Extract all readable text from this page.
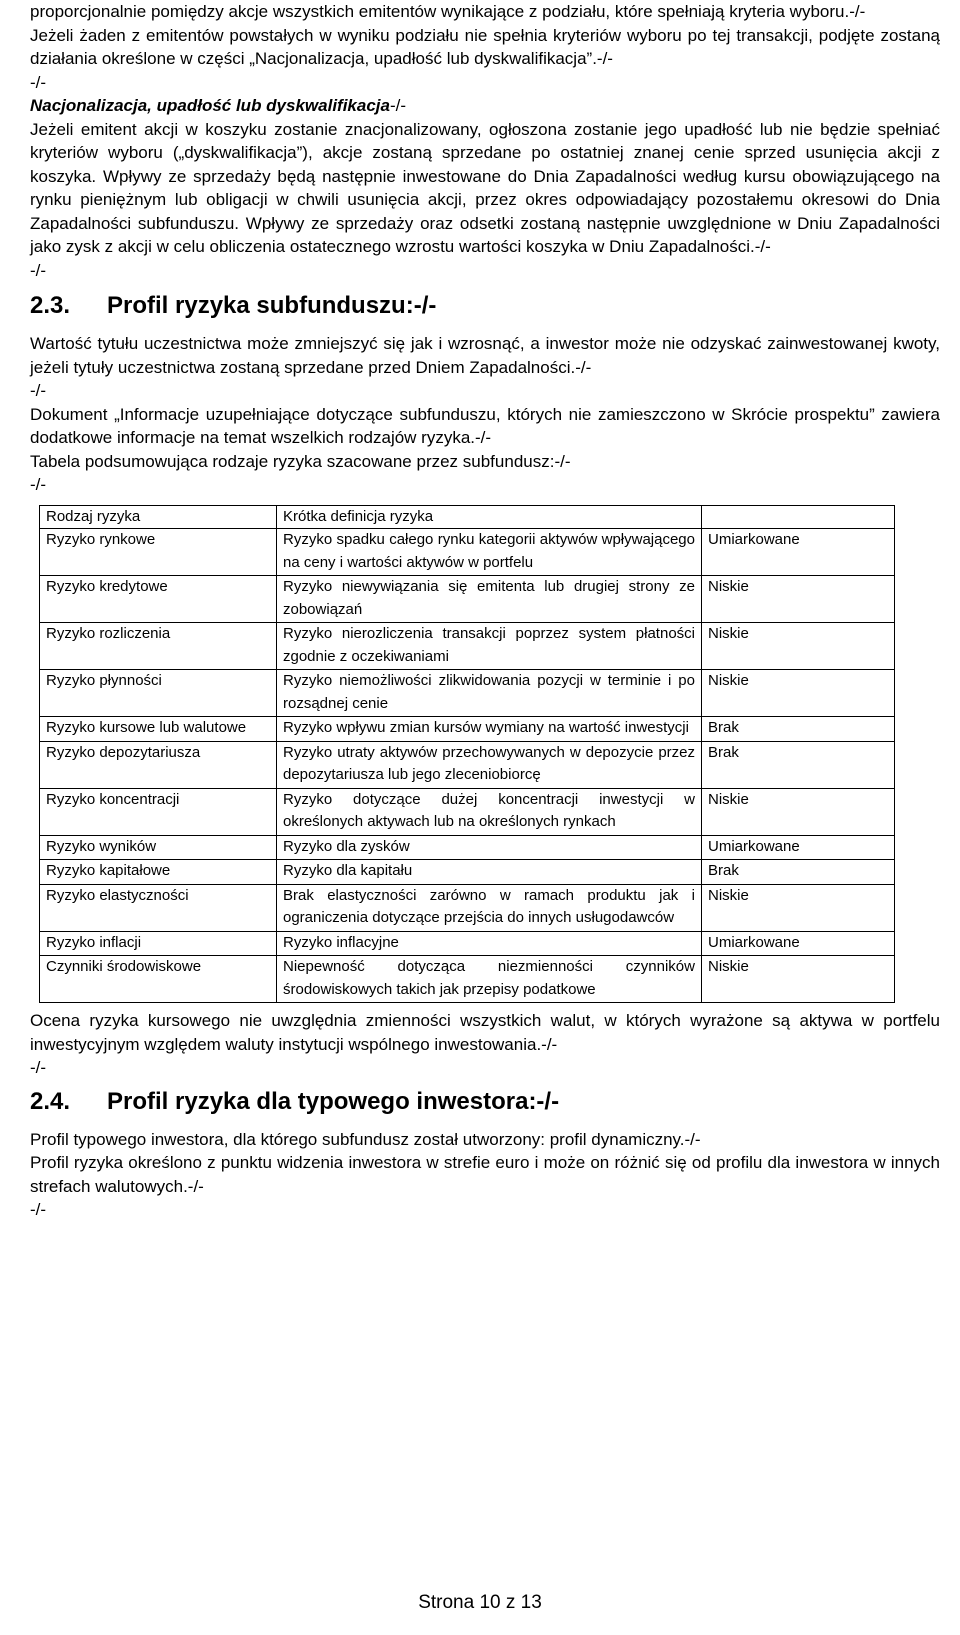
proporcjonalnie pomiędzy akcje wszystkich emitentów wynikające z podziału, które spełniają kryteria wyboru.-/-

Jeżeli żaden z emitentów powstałych w wyniku podziału nie spełnia kryteriów wyboru po tej transakcji, podjęte zostaną działania określone w części „Nacjonalizacja, upadłość lub dyskwalifikacja”.-/-

-/-

Nacjonalizacja, upadłość lub dyskwalifikacja-/-

Jeżeli emitent akcji w koszyku zostanie znacjonalizowany, ogłoszona zostanie jego upadłość lub nie będzie spełniać kryteriów wyboru („dyskwalifikacja”), akcje zostaną sprzedane po ostatniej znanej cenie sprzed usunięcia akcji z koszyka. Wpływy ze sprzedaży będą następnie inwestowane do Dnia Zapadalności według kursu obowiązującego na rynku pieniężnym lub obligacji w chwili usunięcia akcji, przez okres odpowiadający pozostałemu okresowi do Dnia Zapadalności subfunduszu. Wpływy ze sprzedaży oraz odsetki zostaną następnie uwzględnione w Dniu Zapadalności jako zysk z akcji w celu obliczenia ostatecznego wzrostu wartości koszyka w Dniu Zapadalności.-/-

-/-

2.3.	Profil ryzyka subfunduszu:-/-

Wartość tytułu uczestnictwa może zmniejszyć się jak i wzrosnąć, a inwestor może nie odzyskać zainwestowanej kwoty, jeżeli tytuły uczestnictwa zostaną sprzedane przed Dniem Zapadalności.-/-

-/-

Dokument „Informacje uzupełniające dotyczące subfunduszu, których nie zamieszczono w Skrócie prospektu” zawiera dodatkowe informacje na temat wszelkich rodzajów ryzyka.-/-

Tabela podsumowująca rodzaje ryzyka szacowane przez subfundusz:-/-

-/-

Rodzaj ryzyka	Krótka definicja ryzyka	
Ryzyko rynkowe	Ryzyko spadku całego rynku kategorii aktywów wpływającego na ceny i wartości aktywów w portfelu	Umiarkowane
Ryzyko kredytowe	Ryzyko niewywiązania się emitenta lub drugiej strony ze zobowiązań	Niskie
Ryzyko rozliczenia	Ryzyko nierozliczenia transakcji poprzez system płatności zgodnie z oczekiwaniami	Niskie
Ryzyko płynności	Ryzyko niemożliwości zlikwidowania pozycji w terminie i po rozsądnej cenie	Niskie
Ryzyko kursowe lub walutowe	Ryzyko wpływu zmian kursów wymiany na wartość inwestycji	Brak
Ryzyko depozytariusza	Ryzyko utraty aktywów przechowywanych w depozycie przez depozytariusza lub jego zleceniobiorcę	Brak
Ryzyko koncentracji	Ryzyko dotyczące dużej koncentracji inwestycji w określonych aktywach lub na określonych rynkach	Niskie
Ryzyko wyników	Ryzyko dla zysków	Umiarkowane
Ryzyko kapitałowe	Ryzyko dla kapitału	Brak
Ryzyko elastyczności	Brak elastyczności zarówno w ramach produktu jak i ograniczenia dotyczące przejścia do innych usługodawców	Niskie
Ryzyko inflacji	Ryzyko inflacyjne	Umiarkowane
Czynniki środowiskowe	Niepewność dotycząca niezmienności czynników środowiskowych takich jak przepisy podatkowe	Niskie

Ocena ryzyka kursowego nie uwzględnia zmienności wszystkich walut, w których wyrażone są aktywa w portfelu inwestycyjnym względem waluty instytucji wspólnego inwestowania.-/-

-/-

2.4.	Profil ryzyka dla typowego inwestora:-/-

Profil typowego inwestora, dla którego subfundusz został utworzony: profil dynamiczny.-/-

Profil ryzyka określono z punktu widzenia inwestora w strefie euro i może on różnić się od profilu dla inwestora w innych strefach walutowych.-/-

-/-

Strona 10 z 13
